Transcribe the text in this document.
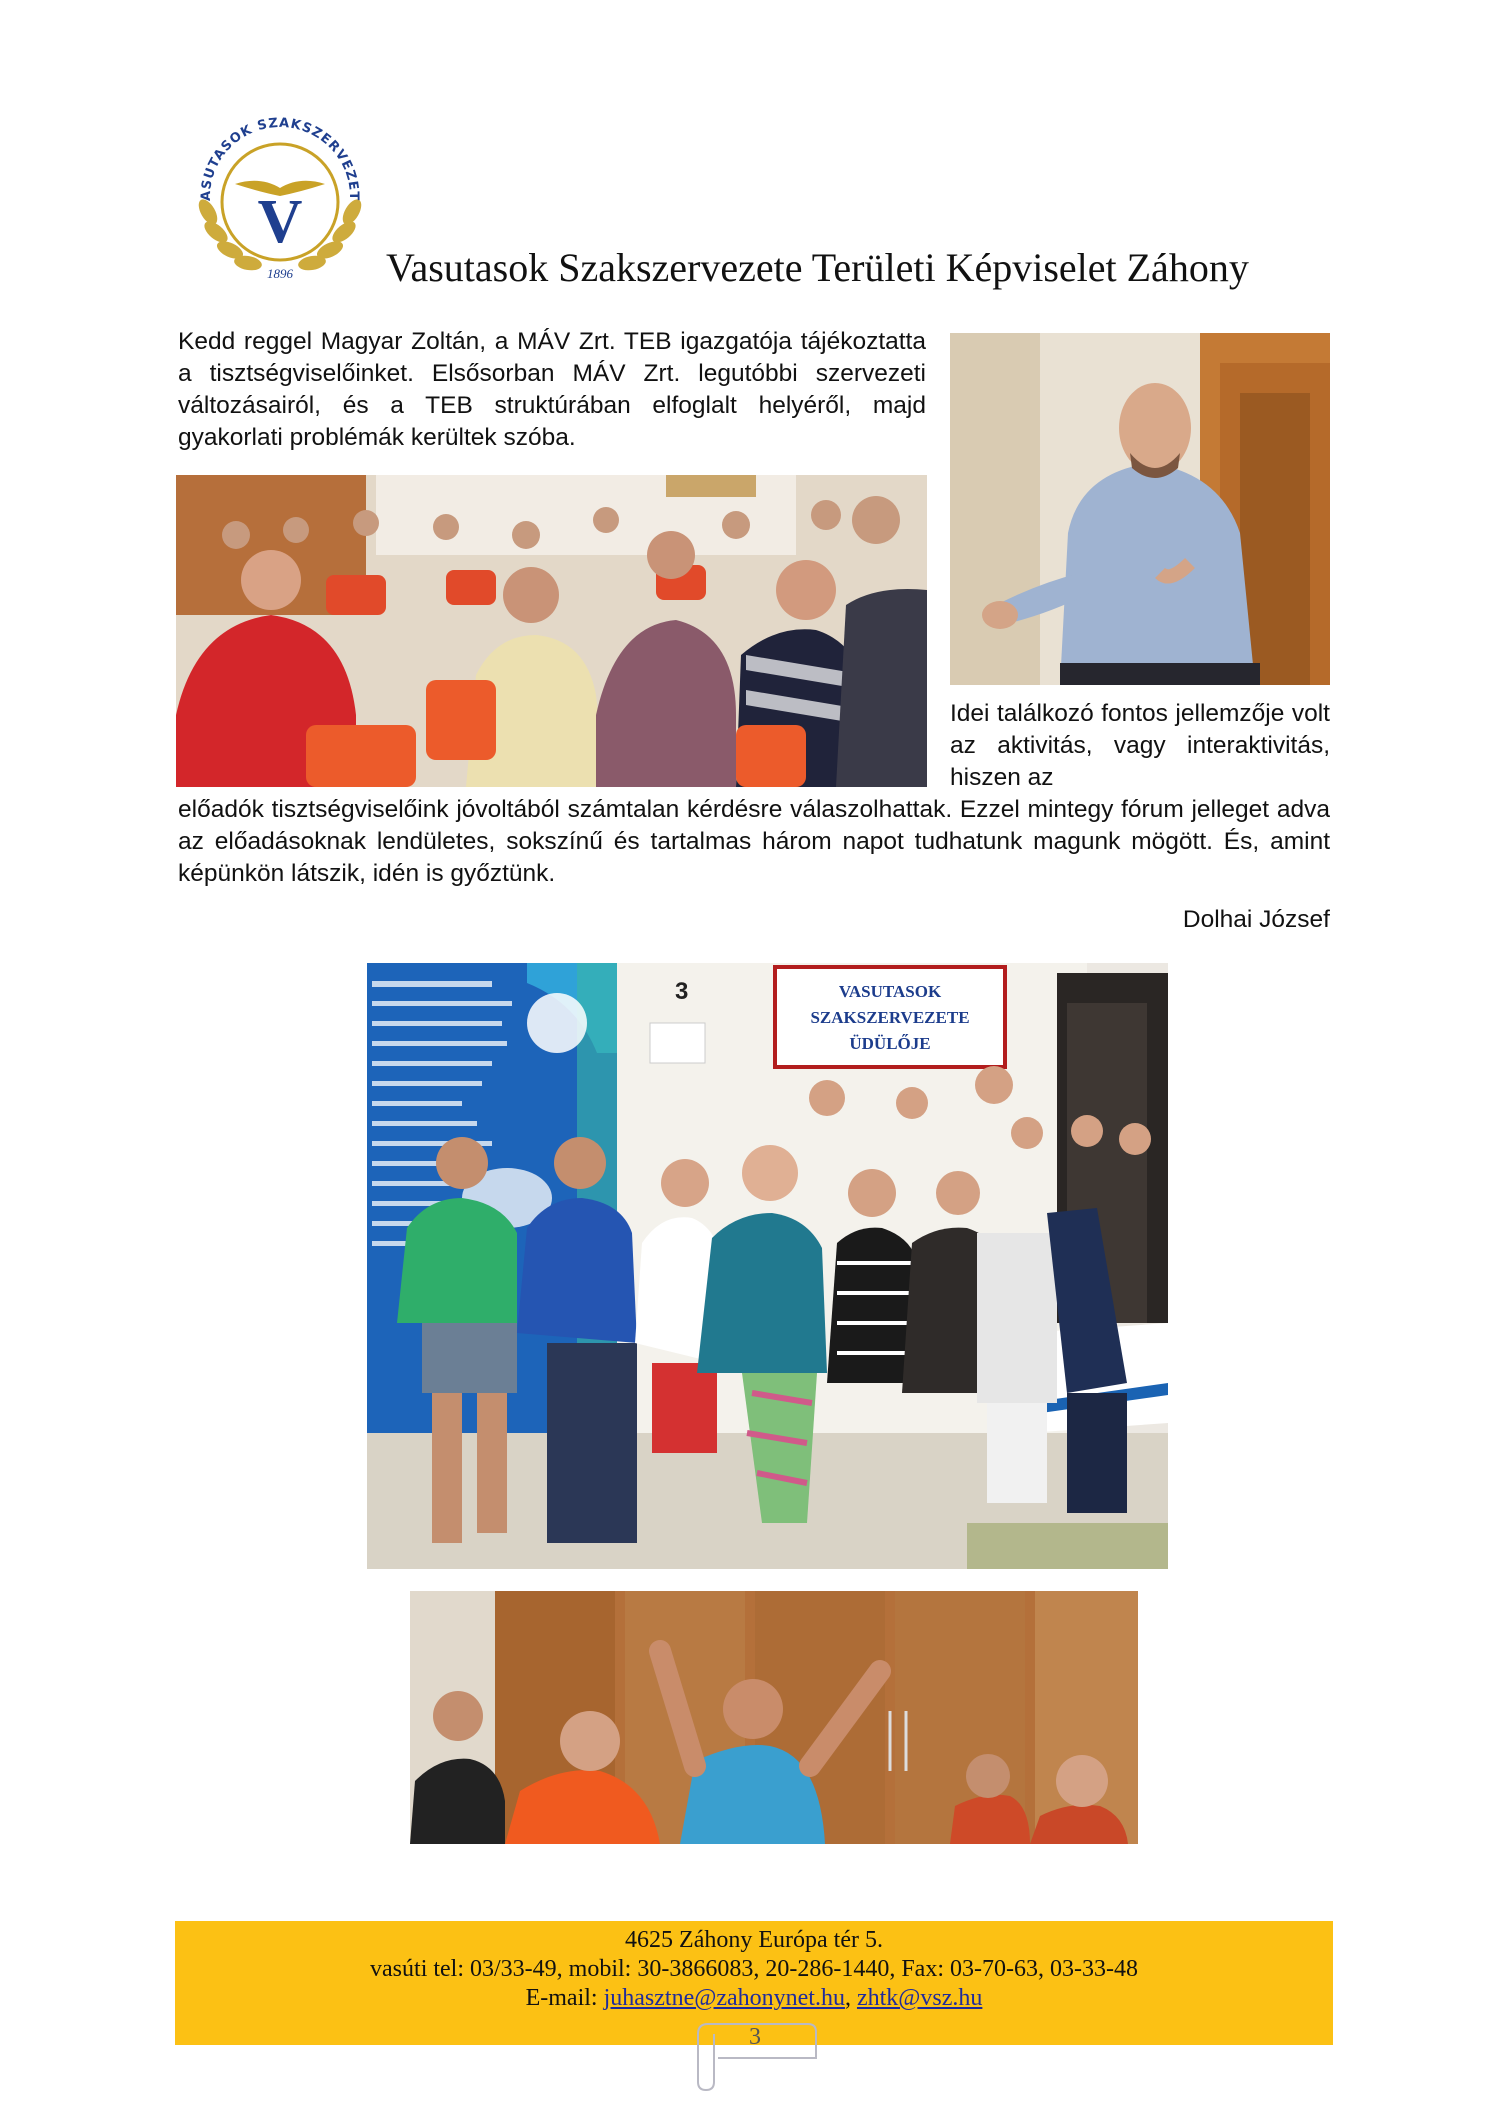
ASUTASOK SZAKSZERVEZET
V
1896 Vasutasok Szakszervezete Területi Képviselet Záhony
Kedd reggel Magyar Zoltán, a MÁV Zrt. TEB igazgatója tájékoztatta a tisztségviselőinket. Elsősorban MÁV Zrt. legutóbbi szervezeti változásairól, és a TEB struktúrában elfoglalt helyéről, majd gyakorlati problémák kerültek szóba.
Idei találkozó fontos jellemzője volt az aktivitás, vagy interaktivitás, hiszen az
előadók tisztségviselőink jóvoltából számtalan kérdésre válaszolhattak. Ezzel mintegy fórum jelleget adva az előadásoknak lendületes, sokszínű és tartalmas három napot tudhatunk magunk mögött. És, amint képünkön látszik, idén is győztünk.
Dolhai József
3	VASUTASOK
SZAKSZERVEZETE
ÜDÜLŐJE
4625 Záhony Európa tér 5.
vasúti tel: 03/33-49, mobil: 30-3866083, 20-286-1440, Fax: 03-70-63, 03-33-48
E-mail: juhasztne@zahonynet.hu, zhtk@vsz.hu
3
